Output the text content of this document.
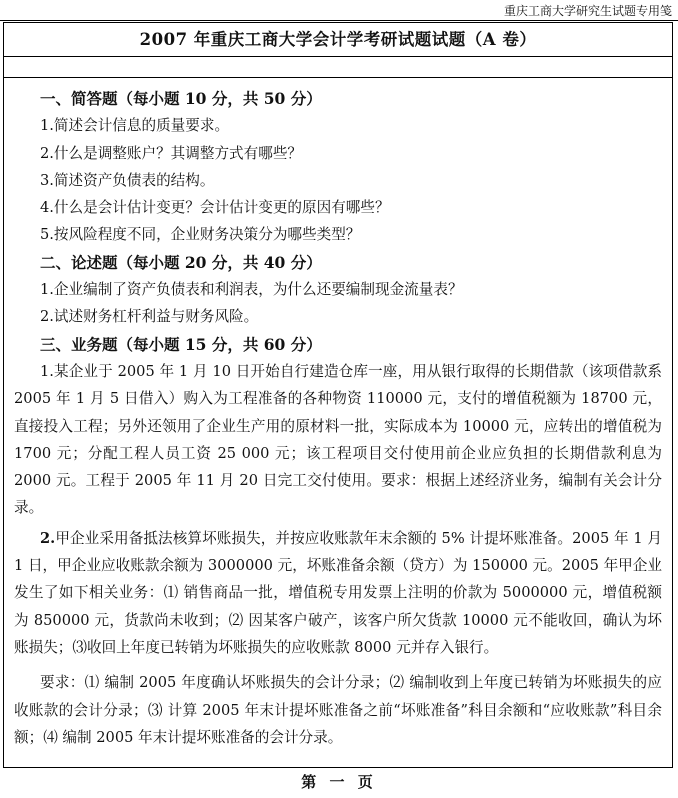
重庆工商大学研究生试题专用笺
2007 年重庆工商大学会计学考研试题试题（A 卷）
一、简答题（每小题 10 分，共 50 分）
1.简述会计信息的质量要求。
2.什么是调整账户？其调整方式有哪些？
3.简述资产负债表的结构。
4.什么是会计估计变更？会计估计变更的原因有哪些？
5.按风险程度不同，企业财务决策分为哪些类型？
二、论述题（每小题 20 分，共 40 分）
1.企业编制了资产负债表和利润表，为什么还要编制现金流量表？
2.试述财务杠杆利益与财务风险。
三、业务题（每小题 15 分，共 60 分）

1.某企业于 2005 年 1 月 10 日开始自行建造仓库一座，用从银行取得的长期借款（该项借款系 2005 年 1 月 5 日借入）购入为工程准备的各种物资 110000 元，支付的增值税额为 18700 元，直接投入工程；另外还领用了企业生产用的原材料一批，实际成本为 10000 元，应转出的增值税为 1700 元；分配工程人员工资 25 000 元；该工程项目交付使用前企业应负担的长期借款利息为 2000 元。工程于 2005 年 11 月 20 日完工交付使用。要求：根据上述经济业务，编制有关会计分录。

2.甲企业采用备抵法核算坏账损失，并按应收账款年末余额的 5% 计提坏账准备。2005 年 1 月 1 日，甲企业应收账款余额为 3000000 元，坏账准备余额（贷方）为 150000 元。2005 年甲企业发生了如下相关业务：⑴ 销售商品一批，增值税专用发票上注明的价款为 5000000 元，增值税额为 850000 元，货款尚未收到；⑵ 因某客户破产，该客户所欠货款 10000 元不能收回，确认为坏账损失；⑶收回上年度已转销为坏账损失的应收账款 8000 元并存入银行。

要求：⑴ 编制 2005 年度确认坏账损失的会计分录；⑵ 编制收到上年度已转销为坏账损失的应收账款的会计分录；⑶ 计算 2005 年末计提坏账准备之前“坏账准备”科目余额和“应收账款”科目余额；⑷ 编制 2005 年末计提坏账准备的会计分录。

第 一 页
